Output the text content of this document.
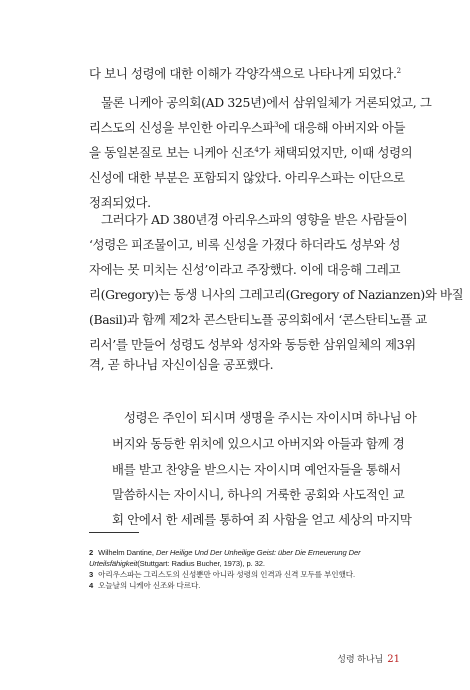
다 보니 성령에 대한 이해가 각양각색으로 나타나게 되었다.$^2$
물론 니케아 공의회(AD 325년)에서 삼위일체가 거론되었고, 그
리스도의 신성을 부인한 아리우스파$^3$에 대응해 아버지와 아들
을 동일본질로 보는 니케아 신조$^4$가 채택되었지만, 이때 성령의
신성에 대한 부분은 포함되지 않았다. 아리우스파는 이단으로
정죄되었다.
그러다가 AD 380년경 아리우스파의 영향을 받은 사람들이
‘성령은 피조물이고, 비록 신성을 가졌다 하더라도 성부와 성
자에는 못 미치는 신성’이라고 주장했다. 이에 대응해 그레고
리(Gregory)는 동생 니사의 그레고리(Gregory of Nazianzen)와 바질
(Basil)과 함께 제2차 콘스탄티노플 공의회에서 ‘콘스탄티노플 교
리서’를 만들어 성령도 성부와 성자와 동등한 삼위일체의 제3위
격, 곧 하나님 자신이심을 공포했다.
성령은 주인이 되시며 생명을 주시는 자이시며 하나님 아
버지와 동등한 위치에 있으시고 아버지와 아들과 함께 경
배를 받고 찬양을 받으시는 자이시며 예언자들을 통해서
말씀하시는 자이시니, 하나의 거룩한 공회와 사도적인 교
회 안에서 한 세례를 통하여 죄 사함을 얻고 세상의 마지막
2 Wilhelm Dantine, Der Heilige Und Der Unheilige Geist: über Die Erneuerung Der
Urteilsfähigkeit(Stuttgart: Radius Bucher, 1973), p. 32.
3 아리우스파는 그리스도의 신성뿐만 아니라 성령의 인격과 신격 모두를 부인했다.
4 오늘날의 니케아 신조와 다르다.
성령 하나님 21
